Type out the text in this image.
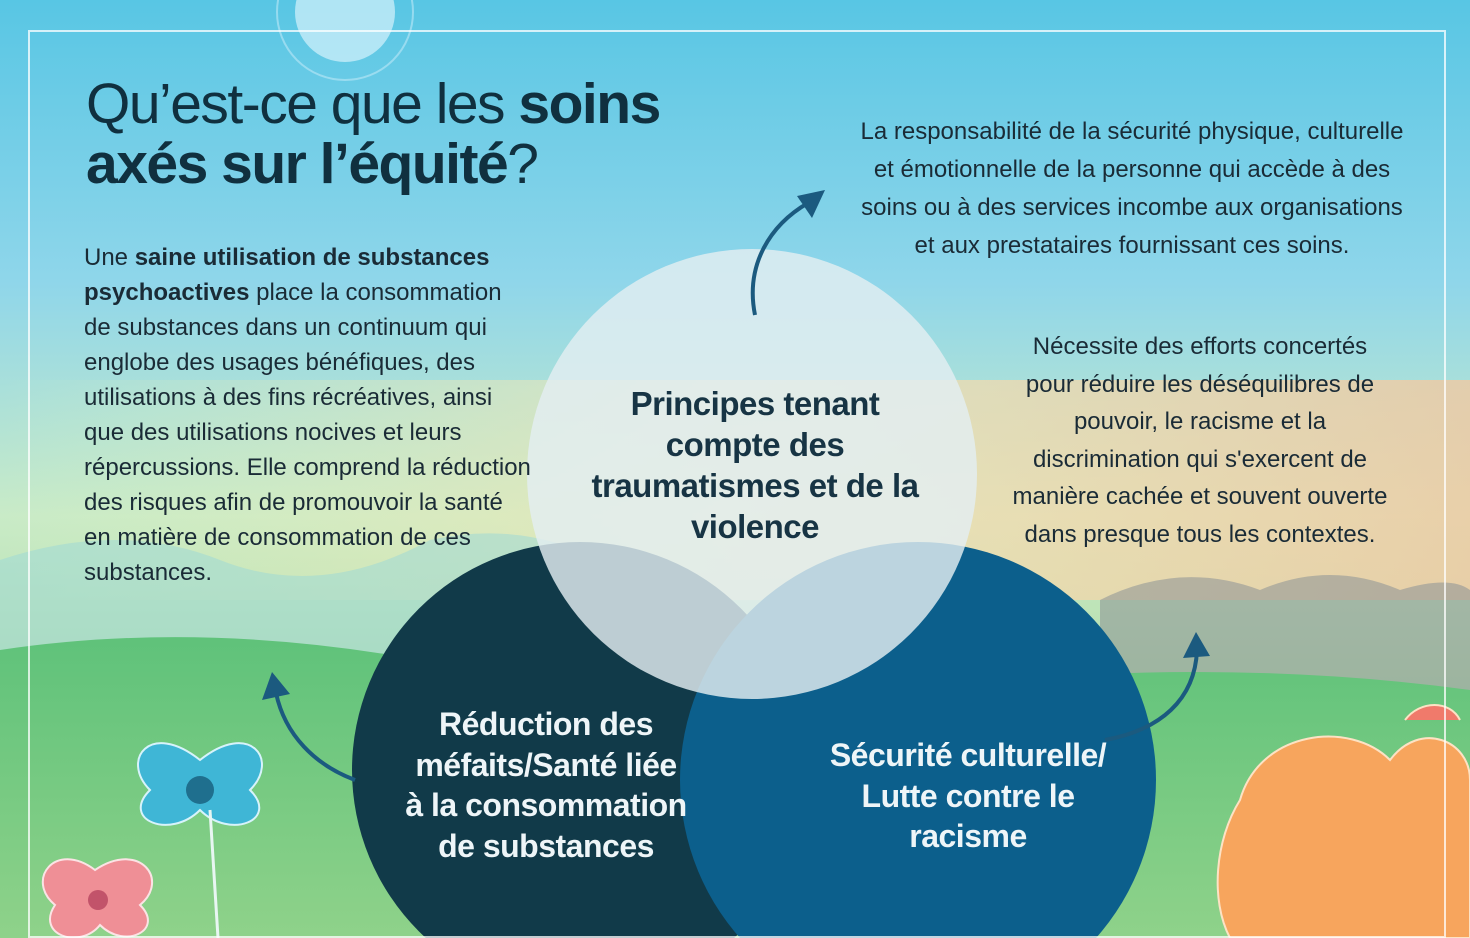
Qu’est-ce que les soins
axés sur l’équité?

Une saine utilisation de substances psychoactives place la consommation de substances dans un continuum qui englobe des usages bénéfiques, des utilisations à des fins récréatives, ainsi que des utilisations nocives et leurs répercussions. Elle comprend la réduction des risques afin de promouvoir la santé en matière de consommation de ces substances.

La responsabilité de la sécurité physique, culturelle et émotionnelle de la personne qui accède à des soins ou à des services incombe aux organisations et aux prestataires fournissant ces soins.

Nécessite des efforts concertés pour réduire les déséquilibres de pouvoir, le racisme et la discrimination qui s'exercent de manière cachée et souvent ouverte dans presque tous les contextes.

Principes tenant compte des traumatismes et de la violence

Réduction des méfaits/Santé liée à la consommation de substances

Sécurité culturelle/ Lutte contre le racisme
